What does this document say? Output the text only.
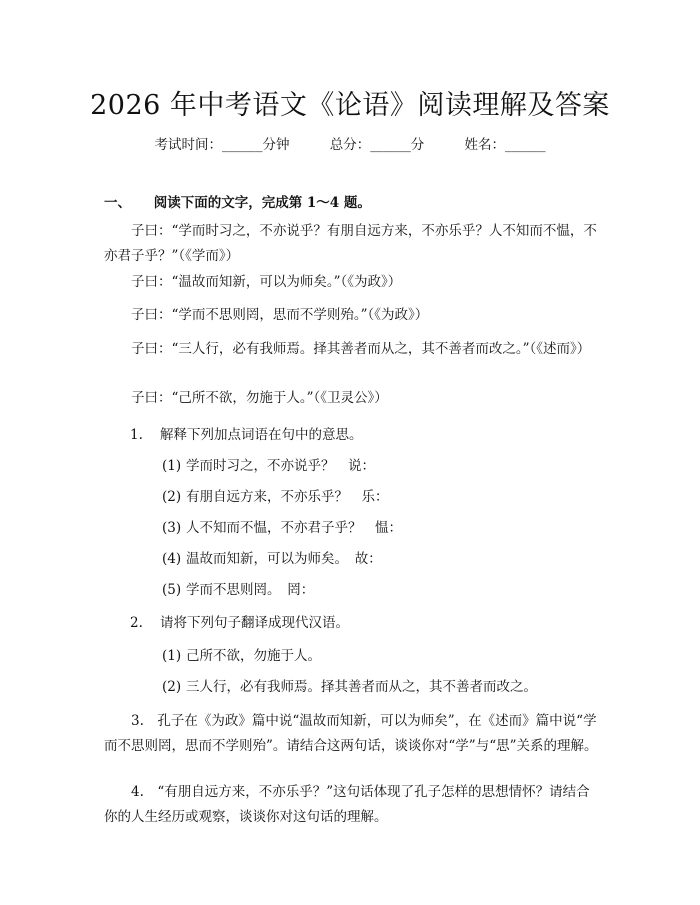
2026 年中考语文《论语》阅读理解及答案
考试时间：______分钟	总分：______分	姓名：______
一、 阅读下面的文字，完成第 1～4 题。
子曰：“学而时习之，不亦说乎？有朋自远方来，不亦乐乎？人不知而不愠，不亦君子乎？”（《学而》）
子曰：“温故而知新，可以为师矣。”（《为政》）
子曰：“学而不思则罔，思而不学则殆。”（《为政》）
子曰：“三人行，必有我师焉。择其善者而从之，其不善者而改之。”（《述而》）
子曰：“己所不欲，勿施于人。”（《卫灵公》）
1. 解释下列加点词语在句中的意思。
(1) 学而时习之，不亦说乎？　说：
(2) 有朋自远方来，不亦乐乎？　乐：
(3) 人不知而不愠，不亦君子乎？　愠：
(4) 温故而知新，可以为师矣。　故：
(5) 学而不思则罔。　罔：
2. 请将下列句子翻译成现代汉语。
(1) 己所不欲，勿施于人。
(2) 三人行，必有我师焉。择其善者而从之，其不善者而改之。
3.　孔子在《为政》篇中说“温故而知新，可以为师矣”，在《述而》篇中说“学而不思则罔，思而不学则殆”。请结合这两句话，谈谈你对“学”与“思”关系的理解。
4.　“有朋自远方来，不亦乐乎？”这句话体现了孔子怎样的思想情怀？请结合你的人生经历或观察，谈谈你对这句话的理解。
